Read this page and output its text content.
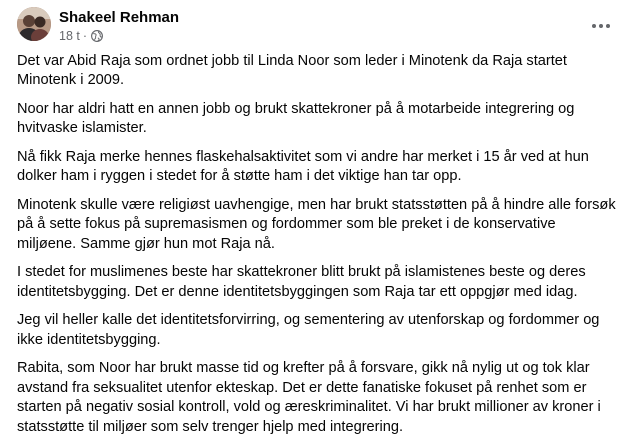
Shakeel Rehman
18 t ·

Det var Abid Raja som ordnet jobb til Linda Noor som leder i Minotenk da Raja startet Minotenk i 2009.

Noor har aldri hatt en annen jobb og brukt skattekroner på å motarbeide integrering og hvitvaske islamister.

Nå fikk Raja merke hennes flaskehalsaktivitet som vi andre har merket i 15 år ved at hun dolker ham i ryggen i stedet for å støtte ham i det viktige han tar opp.

Minotenk skulle være religiøst uavhengige, men har brukt statsstøtten på å hindre alle forsøk på å sette fokus på supremasismen og fordommer som ble preket i de konservative miljøene. Samme gjør hun mot Raja nå.

I stedet for muslimenes beste har skattekroner blitt brukt på islamistenes beste og deres identitetsbygging. Det er denne identitetsbyggingen som Raja tar ett oppgjør med idag.

Jeg vil heller kalle det identitetsforvirring, og sementering av utenforskap og fordommer og ikke identitetsbygging.

Rabita, som Noor har brukt masse tid og krefter på å forsvare, gikk nå nylig ut og tok klar avstand fra seksualitet utenfor ekteskap. Det er dette fanatiske fokuset på renhet som er starten på negativ sosial kontroll, vold og æreskriminalitet. Vi har brukt millioner av kroner i statsstøtte til miljøer som selv trenger hjelp med integrering.
